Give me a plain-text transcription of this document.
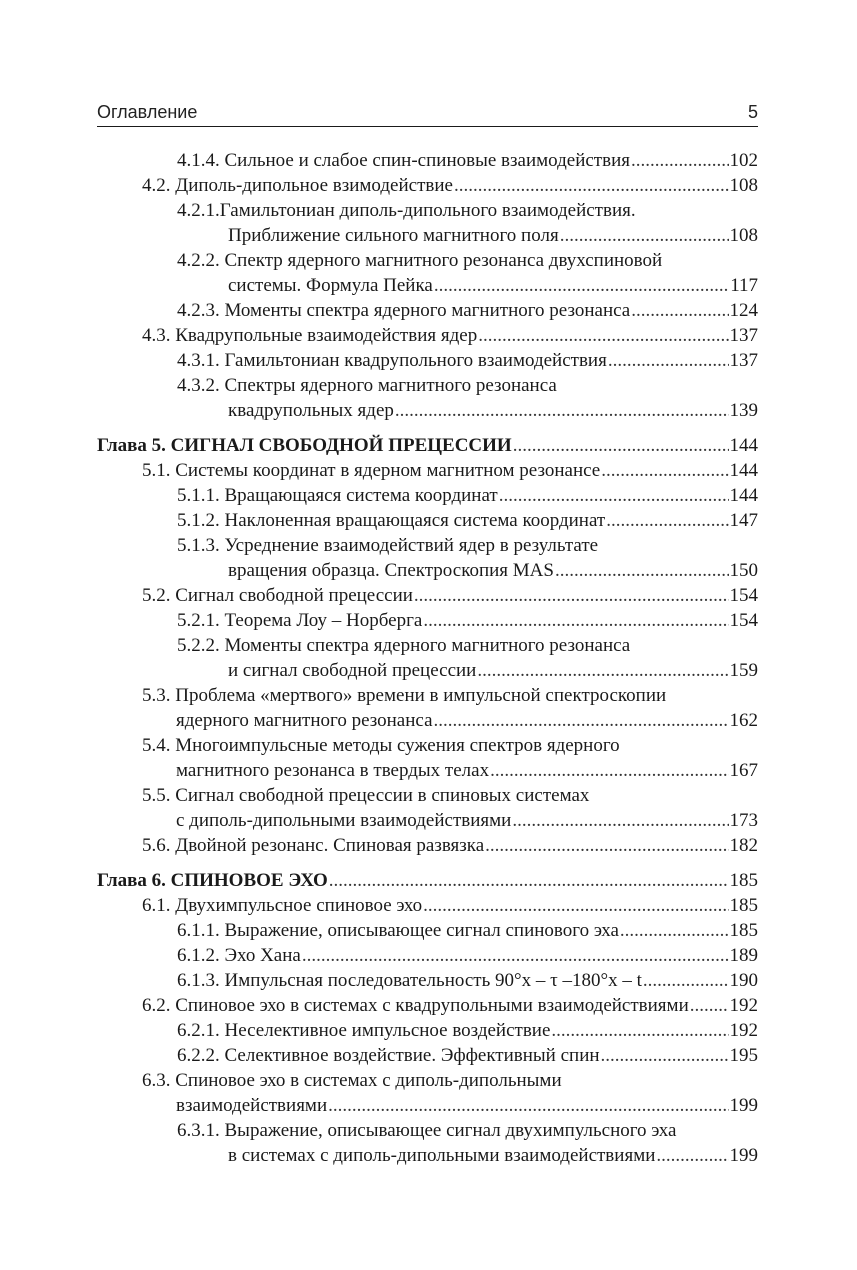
Оглавление	5
4.1.4. Сильное и слабое спин-спиновые взаимодействия .....	102
4.2. Диполь-дипольное взимодействие .....	108
4.2.1.Гамильтониан диполь-дипольного взаимодействия.
Приближение сильного магнитного поля .....	108
4.2.2. Спектр ядерного магнитного резонанса двухспиновой
системы. Формула Пейка .....	117
4.2.3. Моменты спектра ядерного магнитного резонанса .....	124
4.3. Квадрупольные взаимодействия ядер .....	137
4.3.1. Гамильтониан квадрупольного взаимодействия .....	137
4.3.2. Спектры ядерного магнитного резонанса
квадрупольных ядер .....	139
Глава 5. СИГНАЛ СВОБОДНОЙ ПРЕЦЕССИИ .....	144
5.1. Системы координат в ядерном магнитном резонансе .....	144
5.1.1. Вращающаяся система координат .....	144
5.1.2. Наклоненная вращающаяся система координат .....	147
5.1.3. Усреднение взаимодействий ядер в результате
вращения образца. Спектроскопия MAS .....	150
5.2. Сигнал свободной прецессии .....	154
5.2.1. Теорема Лоу – Норберга .....	154
5.2.2. Моменты спектра ядерного магнитного резонанса
и сигнал свободной прецессии .....	159
5.3. Проблема «мертвого» времени в импульсной спектроскопии
ядерного магнитного резонанса .....	162
5.4. Многоимпульсные методы сужения спектров ядерного
магнитного резонанса в твердых телах .....	167
5.5. Сигнал свободной прецессии в спиновых системах
с диполь-дипольными взаимодействиями .....	173
5.6. Двойной резонанс. Спиновая развязка .....	182
Глава 6. СПИНОВОЕ ЭХО .....	185
6.1. Двухимпульсное спиновое эхо .....	185
6.1.1. Выражение, описывающее сигнал спинового эха .....	185
6.1.2. Эхо Хана .....	189
6.1.3. Импульсная последовательность 90°x – τ –180°x – t .....	190
6.2. Спиновое эхо в системах с квадрупольными взаимодействиями ..... 192
6.2.1. Неселективное импульсное воздействие .....	192
6.2.2. Селективное воздействие. Эффективный спин .....	195
6.3. Спиновое эхо в системах с диполь-дипольными
взаимодействиями .....	199
6.3.1. Выражение, описывающее сигнал двухимпульсного эха
в системах с диполь-дипольными взаимодействиями .....	199
